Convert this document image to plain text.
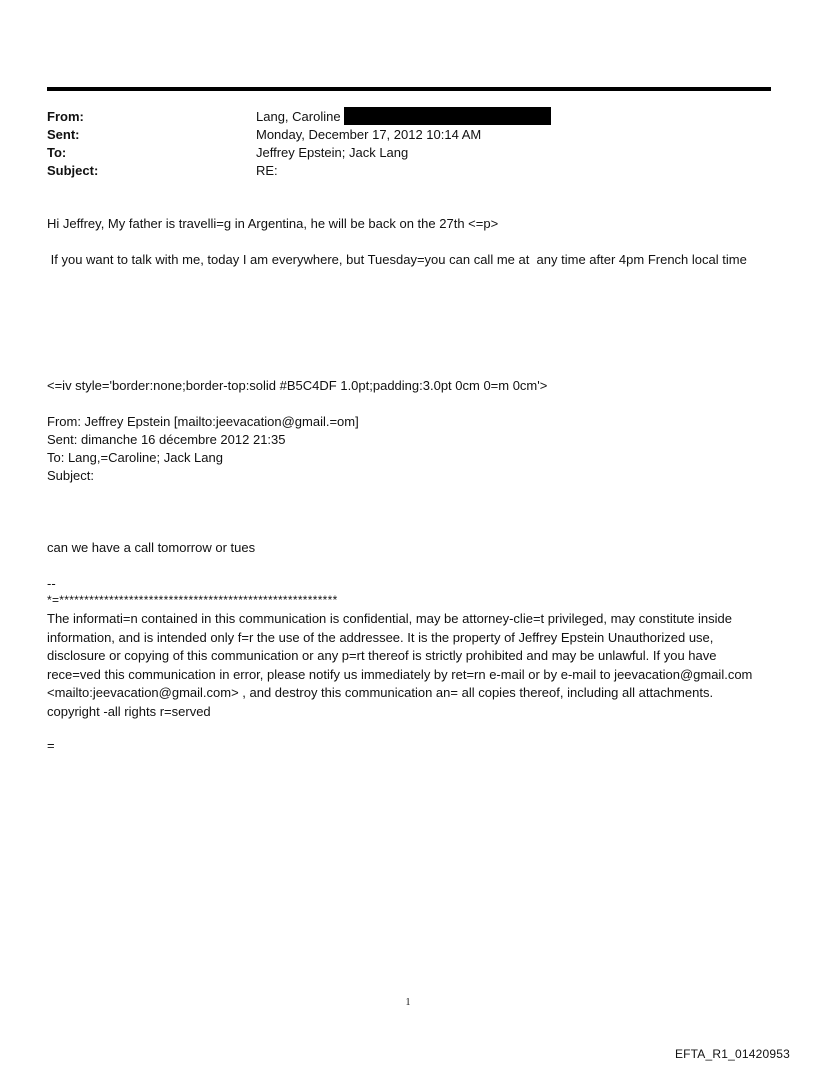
From:	Lang, Caroline
Sent:	Monday, December 17, 2012 10:14 AM
To:	Jeffrey Epstein; Jack Lang
Subject:	RE:
Hi Jeffrey, My father is travelli=g in Argentina, he will be back on the 27th <=p>
If you want to talk with me, today I am everywhere, but Tuesday=you can call me at  any time after 4pm French local time
<=iv style='border:none;border-top:solid #B5C4DF 1.0pt;padding:3.0pt 0cm 0=m 0cm'>
From: Jeffrey Epstein [mailto:jeevacation@gmail.=om]
Sent: dimanche 16 décembre 2012 21:35
To: Lang,=Caroline; Jack Lang
Subject:
can we have a call tomorrow or tues
--
*=********************************************************
The informati=n contained in this communication is confidential, may be attorney-clie=t privileged, may constitute inside information, and is intended only f=r the use of the addressee. It is the property of Jeffrey Epstein Unauthorized use, disclosure or copying of this communication or any p=rt thereof is strictly prohibited and may be unlawful. If you have rece=ved this communication in error, please notify us immediately by ret=rn e-mail or by e-mail to jeevacation@gmail.com <mailto:jeevacation@gmail.com> , and destroy this communication an= all copies thereof, including all attachments. copyright -all rights r=served
=
1
EFTA_R1_01420953
